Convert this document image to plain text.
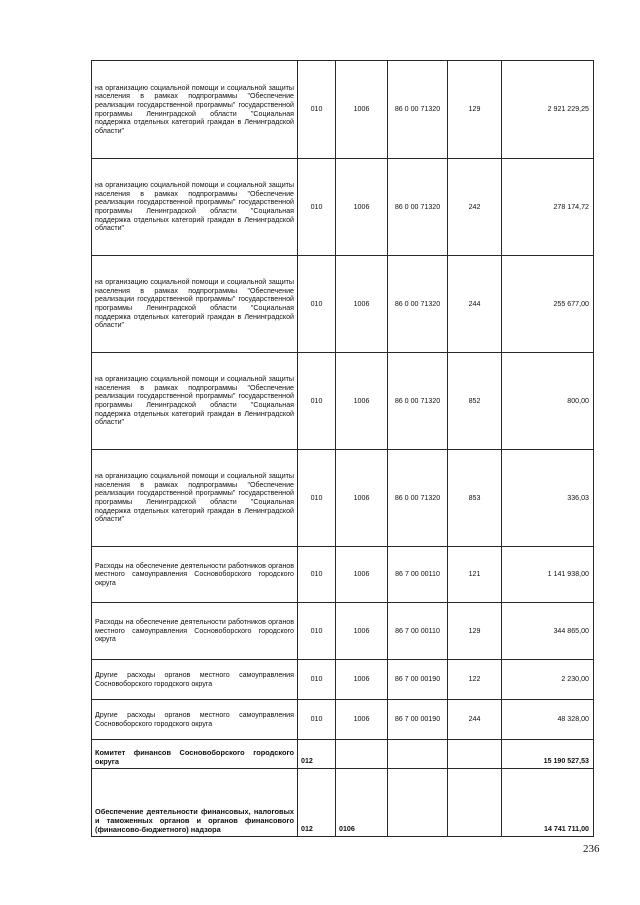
на организацию социальной помощи и социальной защиты населения в рамках подпрограммы "Обеспечение реализации государственной программы" государственной программы Ленинградской области "Социальная поддержка отдельных категорий граждан в Ленинградской области"	010	1006	86 0 00 71320	129	2 921 229,25
на организацию социальной помощи и социальной защиты населения в рамках подпрограммы "Обеспечение реализации государственной программы" государственной программы Ленинградской области "Социальная поддержка отдельных категорий граждан в Ленинградской области"	010	1006	86 0 00 71320	242	278 174,72
на организацию социальной помощи и социальной защиты населения в рамках подпрограммы "Обеспечение реализации государственной программы" государственной программы Ленинградской области "Социальная поддержка отдельных категорий граждан в Ленинградской области"	010	1006	86 0 00 71320	244	255 677,00
на организацию социальной помощи и социальной защиты населения в рамках подпрограммы "Обеспечение реализации государственной программы" государственной программы Ленинградской области "Социальная поддержка отдельных категорий граждан в Ленинградской области"	010	1006	86 0 00 71320	852	800,00
на организацию социальной помощи и социальной защиты населения в рамках подпрограммы "Обеспечение реализации государственной программы" государственной программы Ленинградской области "Социальная поддержка отдельных категорий граждан в Ленинградской области"	010	1006	86 0 00 71320	853	336,03
Расходы на обеспечение деятельности работников органов местного самоуправления Сосновоборского городского округа	010	1006	86 7 00 00110	121	1 141 938,00
Расходы на обеспечение деятельности работников органов местного самоуправления Сосновоборского городского округа	010	1006	86 7 00 00110	129	344 865,00
Другие расходы органов местного самоуправления Сосновоборского городского округа	010	1006	86 7 00 00190	122	2 230,00
Другие расходы органов местного самоуправления Сосновоборского городского округа	010	1006	86 7 00 00190	244	48 328,00
Комитет финансов Сосновоборского городского округа	012				15 190 527,53
Обеспечение деятельности финансовых, налоговых и таможенных органов и органов финансового (финансово-бюджетного) надзора	012	0106			14 741 711,00
236
